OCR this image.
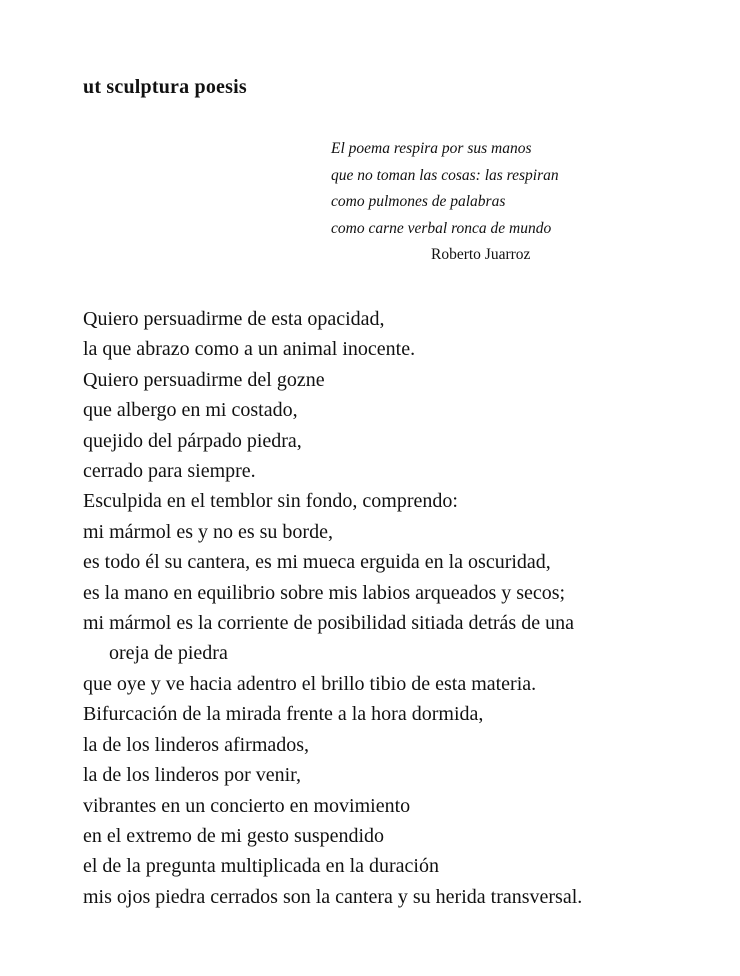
ut sculptura poesis
El poema respira por sus manos
que no toman las cosas: las respiran
como pulmones de palabras
como carne verbal ronca de mundo
Roberto Juarroz
Quiero persuadirme de esta opacidad,
la que abrazo como a un animal inocente.
Quiero persuadirme del gozne
que albergo en mi costado,
quejido del párpado piedra,
cerrado para siempre.
Esculpida en el temblor sin fondo, comprendo:
mi mármol es y no es su borde,
es todo él su cantera, es mi mueca erguida en la oscuridad,
es la mano en equilibrio sobre mis labios arqueados y secos;
mi mármol es la corriente de posibilidad sitiada detrás de una
oreja de piedra
que oye y ve hacia adentro el brillo tibio de esta materia.
Bifurcación de la mirada frente a la hora dormida,
la de los linderos afirmados,
la de los linderos por venir,
vibrantes en un concierto en movimiento
en el extremo de mi gesto suspendido
el de la pregunta multiplicada en la duración
mis ojos piedra cerrados son la cantera y su herida transversal.
